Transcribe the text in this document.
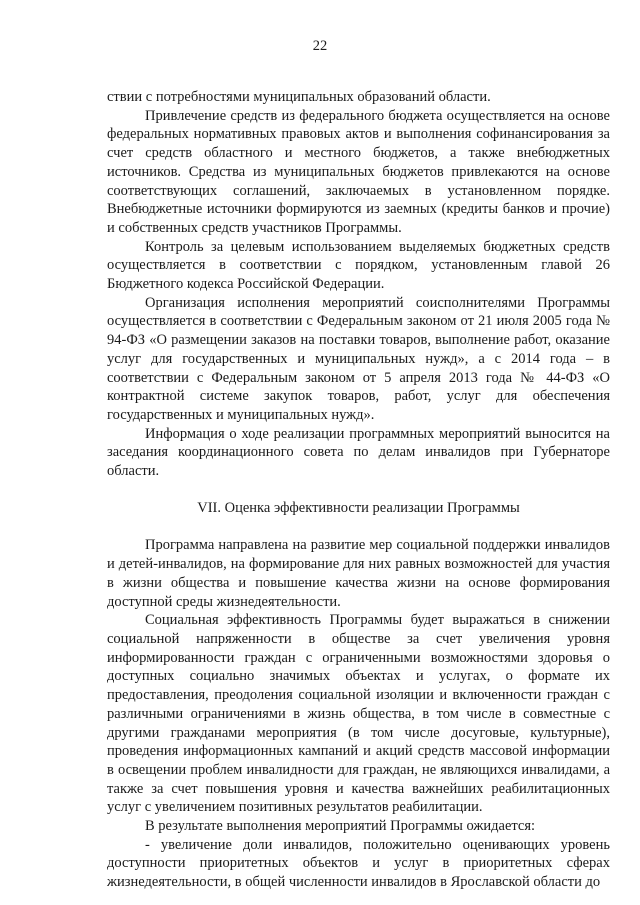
22

ствии с потребностями муниципальных образований области.

Привлечение средств из федерального бюджета осуществляется на основе федеральных нормативных правовых актов и выполнения софинансирования за счет средств областного и местного бюджетов, а также внебюджетных источников. Средства из муниципальных бюджетов привлекаются на основе соответствующих соглашений, заключаемых в установленном порядке. Внебюджетные источники формируются из заемных (кредиты банков и прочие) и собственных средств участников Программы.

Контроль за целевым использованием выделяемых бюджетных средств осуществляется в соответствии с порядком, установленным главой 26 Бюджетного кодекса Российской Федерации.

Организация исполнения мероприятий соисполнителями Программы осуществляется в соответствии с Федеральным законом от 21 июля 2005 года № 94-ФЗ «О размещении заказов на поставки товаров, выполнение работ, оказание услуг для государственных и муниципальных нужд», а с 2014 года – в соответствии с Федеральным законом от 5 апреля 2013 года № 44-ФЗ «О контрактной системе закупок товаров, работ, услуг для обеспечения государственных и муниципальных нужд».

Информация о ходе реализации программных мероприятий выносится на заседания координационного совета по делам инвалидов при Губернаторе области.

VII. Оценка эффективности реализации Программы

Программа направлена на развитие мер социальной поддержки инвалидов и детей-инвалидов, на формирование для них равных возможностей для участия в жизни общества и повышение качества жизни на основе формирования доступной среды жизнедеятельности.

Социальная эффективность Программы будет выражаться в снижении социальной напряженности в обществе за счет увеличения уровня информированности граждан с ограниченными возможностями здоровья о доступных социально значимых объектах и услугах, о формате их предоставления, преодоления социальной изоляции и включенности граждан с различными ограничениями в жизнь общества, в том числе в совместные с другими гражданами мероприятия (в том числе досуговые, культурные), проведения информационных кампаний и акций средств массовой информации в освещении проблем инвалидности для граждан, не являющихся инвалидами, а также за счет повышения уровня и качества важнейших реабилитационных услуг с увеличением позитивных результатов реабилитации.

В результате выполнения мероприятий Программы ожидается:

- увеличение доли инвалидов, положительно оценивающих уровень доступности приоритетных объектов и услуг в приоритетных сферах жизнедеятельности, в общей численности инвалидов в Ярославской области до
